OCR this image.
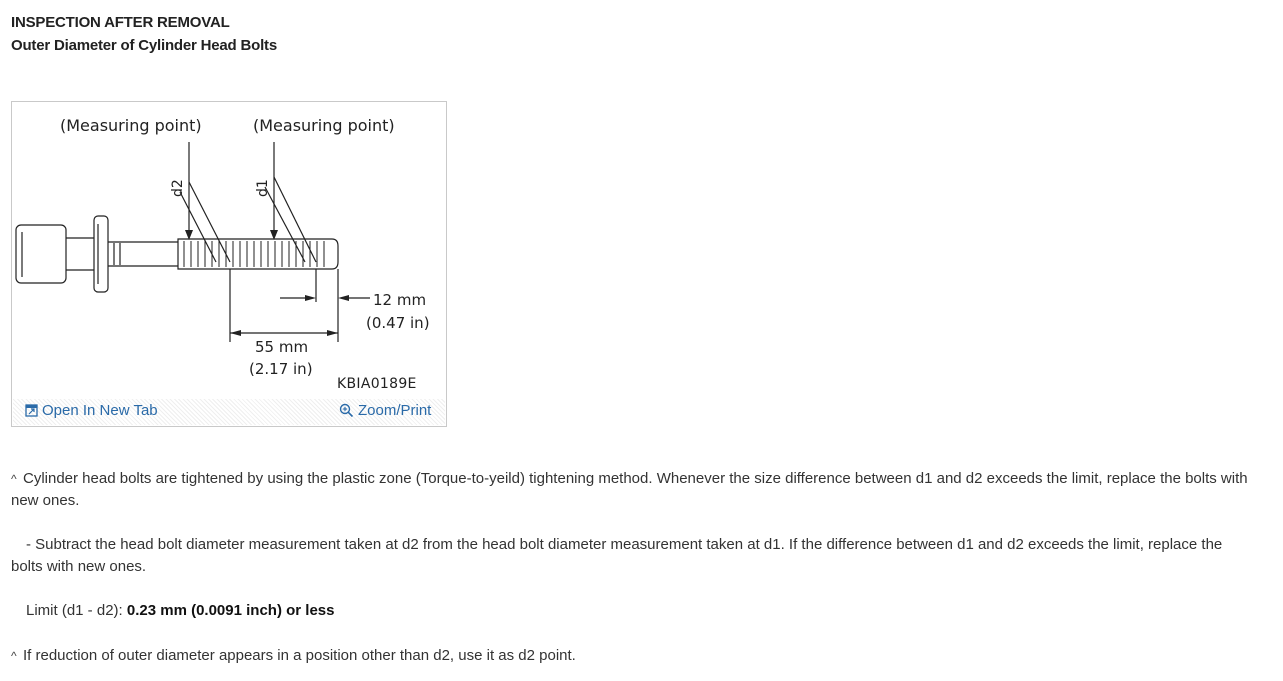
INSPECTION AFTER REMOVAL
Outer Diameter of Cylinder Head Bolts
(Measuring point)	(Measuring point)
d2	d1
12 mm
(0.47 in)
55 mm
(2.17 in)
KBIA0189E
Open In New Tab	Zoom/Print
^ Cylinder head bolts are tightened by using the plastic zone (Torque-to-yeild) tightening method. Whenever the size difference between d1 and d2 exceeds the limit, replace the bolts with new ones.
- Subtract the head bolt diameter measurement taken at d2 from the head bolt diameter measurement taken at d1. If the difference between d1 and d2 exceeds the limit, replace the bolts with new ones.
Limit (d1 - d2): 0.23 mm (0.0091 inch) or less
^ If reduction of outer diameter appears in a position other than d2, use it as d2 point.
